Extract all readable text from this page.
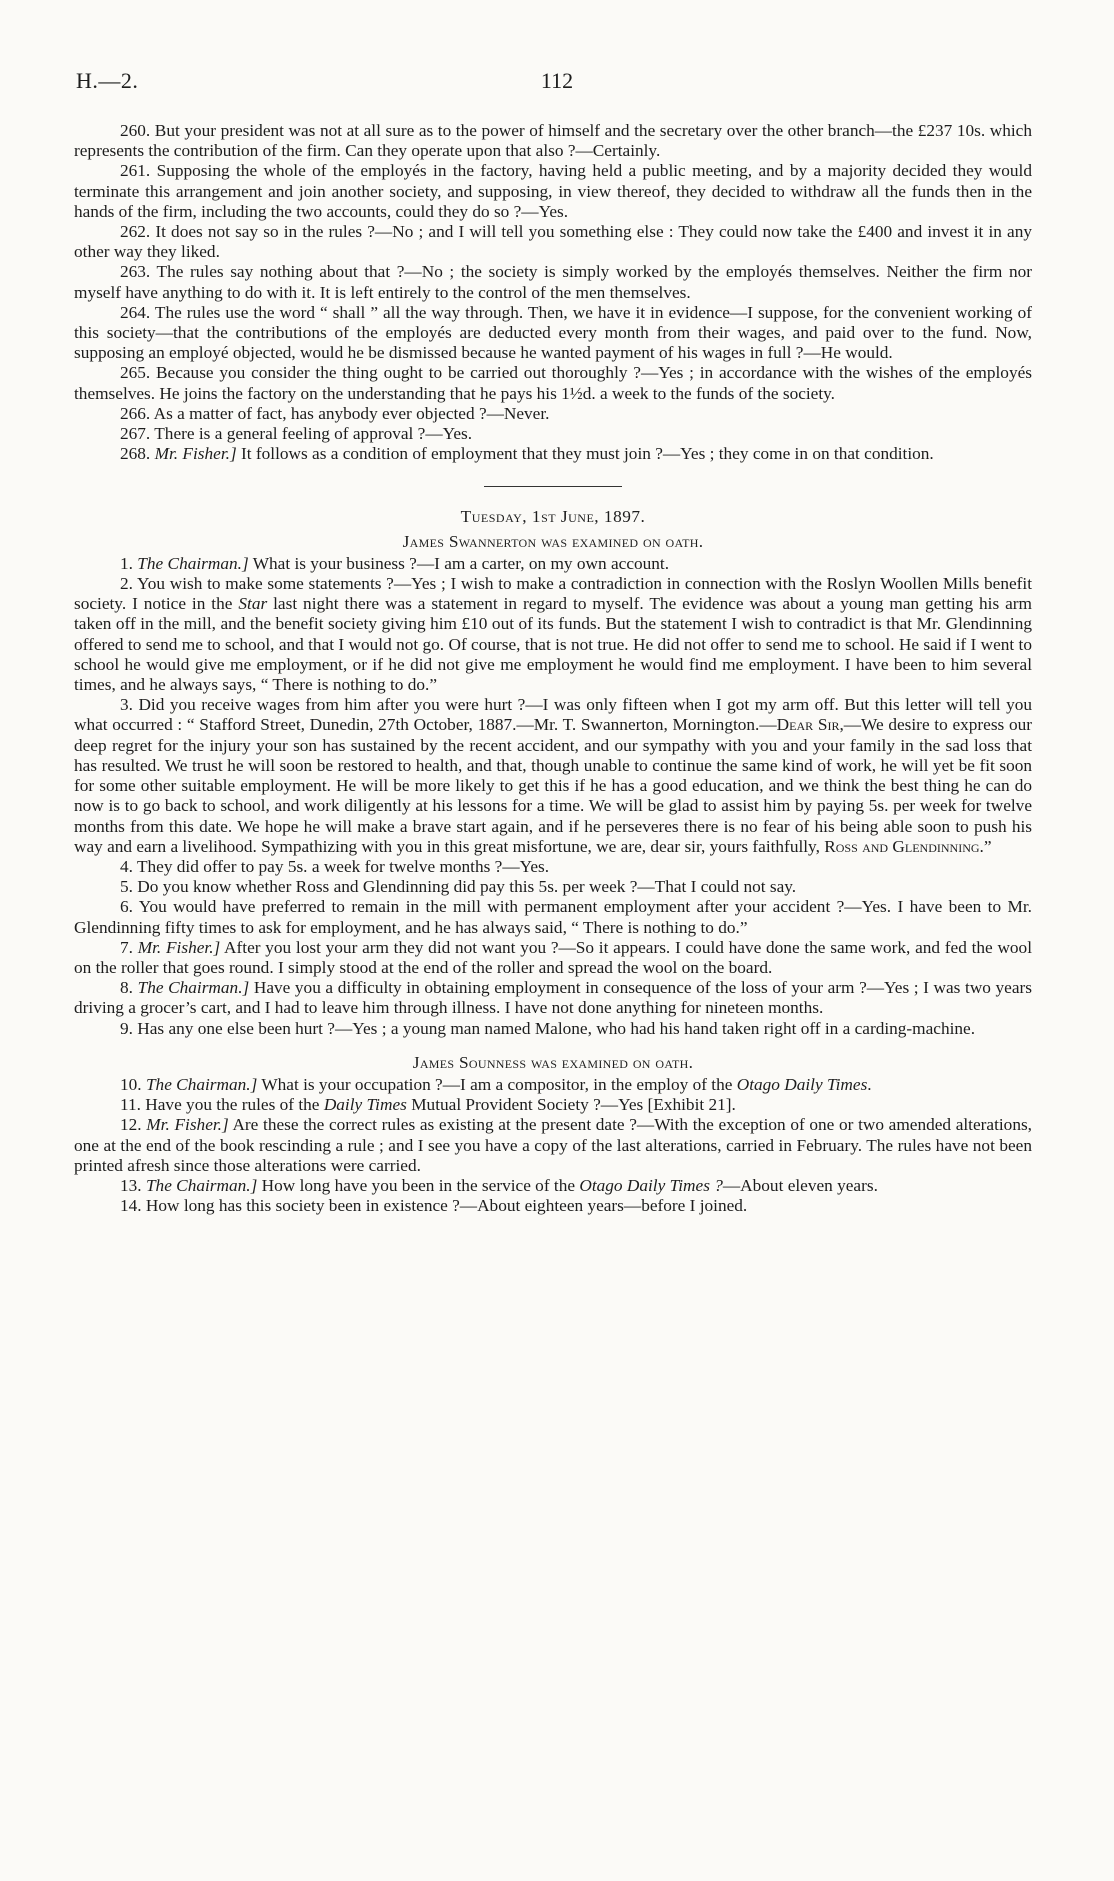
H.—2.	112

260. But your president was not at all sure as to the power of himself and the secretary over the other branch—the £237 10s. which represents the contribution of the firm. Can they operate upon that also ?—Certainly.

261. Supposing the whole of the employés in the factory, having held a public meeting, and by a majority decided they would terminate this arrangement and join another society, and supposing, in view thereof, they decided to withdraw all the funds then in the hands of the firm, including the two accounts, could they do so ?—Yes.

262. It does not say so in the rules ?—No ; and I will tell you something else : They could now take the £400 and invest it in any other way they liked.

263. The rules say nothing about that ?—No ; the society is simply worked by the employés themselves. Neither the firm nor myself have anything to do with it. It is left entirely to the control of the men themselves.

264. The rules use the word “ shall ” all the way through. Then, we have it in evidence—I suppose, for the convenient working of this society—that the contributions of the employés are deducted every month from their wages, and paid over to the fund. Now, supposing an employé objected, would he be dismissed because he wanted payment of his wages in full ?—He would.

265. Because you consider the thing ought to be carried out thoroughly ?—Yes ; in accordance with the wishes of the employés themselves. He joins the factory on the understanding that he pays his 1½d. a week to the funds of the society.

266. As a matter of fact, has anybody ever objected ?—Never.

267. There is a general feeling of approval ?—Yes.

268. Mr. Fisher.] It follows as a condition of employment that they must join ?—Yes ; they come in on that condition.

Tuesday, 1st June, 1897.

James Swannerton was examined on oath.

1. The Chairman.] What is your business ?—I am a carter, on my own account.

2. You wish to make some statements ?—Yes ; I wish to make a contradiction in connection with the Roslyn Woollen Mills benefit society. I notice in the Star last night there was a statement in regard to myself. The evidence was about a young man getting his arm taken off in the mill, and the benefit society giving him £10 out of its funds. But the statement I wish to contradict is that Mr. Glendinning offered to send me to school, and that I would not go. Of course, that is not true. He did not offer to send me to school. He said if I went to school he would give me employment, or if he did not give me employment he would find me employment. I have been to him several times, and he always says, “ There is nothing to do.”

3. Did you receive wages from him after you were hurt ?—I was only fifteen when I got my arm off. But this letter will tell you what occurred : “ Stafford Street, Dunedin, 27th October, 1887.—Mr. T. Swannerton, Mornington.—Dear Sir,—We desire to express our deep regret for the injury your son has sustained by the recent accident, and our sympathy with you and your family in the sad loss that has resulted. We trust he will soon be restored to health, and that, though unable to continue the same kind of work, he will yet be fit soon for some other suitable employment. He will be more likely to get this if he has a good education, and we think the best thing he can do now is to go back to school, and work diligently at his lessons for a time. We will be glad to assist him by paying 5s. per week for twelve months from this date. We hope he will make a brave start again, and if he perseveres there is no fear of his being able soon to push his way and earn a livelihood. Sympathizing with you in this great misfortune, we are, dear sir, yours faithfully, Ross and Glendinning.”

4. They did offer to pay 5s. a week for twelve months ?—Yes.

5. Do you know whether Ross and Glendinning did pay this 5s. per week ?—That I could not say.

6. You would have preferred to remain in the mill with permanent employment after your accident ?—Yes. I have been to Mr. Glendinning fifty times to ask for employment, and he has always said, “ There is nothing to do.”

7. Mr. Fisher.] After you lost your arm they did not want you ?—So it appears. I could have done the same work, and fed the wool on the roller that goes round. I simply stood at the end of the roller and spread the wool on the board.

8. The Chairman.] Have you a difficulty in obtaining employment in consequence of the loss of your arm ?—Yes ; I was two years driving a grocer’s cart, and I had to leave him through illness. I have not done anything for nineteen months.

9. Has any one else been hurt ?—Yes ; a young man named Malone, who had his hand taken right off in a carding-machine.

James Sounness was examined on oath.

10. The Chairman.] What is your occupation ?—I am a compositor, in the employ of the Otago Daily Times.

11. Have you the rules of the Daily Times Mutual Provident Society ?—Yes [Exhibit 21].

12. Mr. Fisher.] Are these the correct rules as existing at the present date ?—With the exception of one or two amended alterations, one at the end of the book rescinding a rule ; and I see you have a copy of the last alterations, carried in February. The rules have not been printed afresh since those alterations were carried.

13. The Chairman.] How long have you been in the service of the Otago Daily Times ?—About eleven years.

14. How long has this society been in existence ?—About eighteen years—before I joined.
